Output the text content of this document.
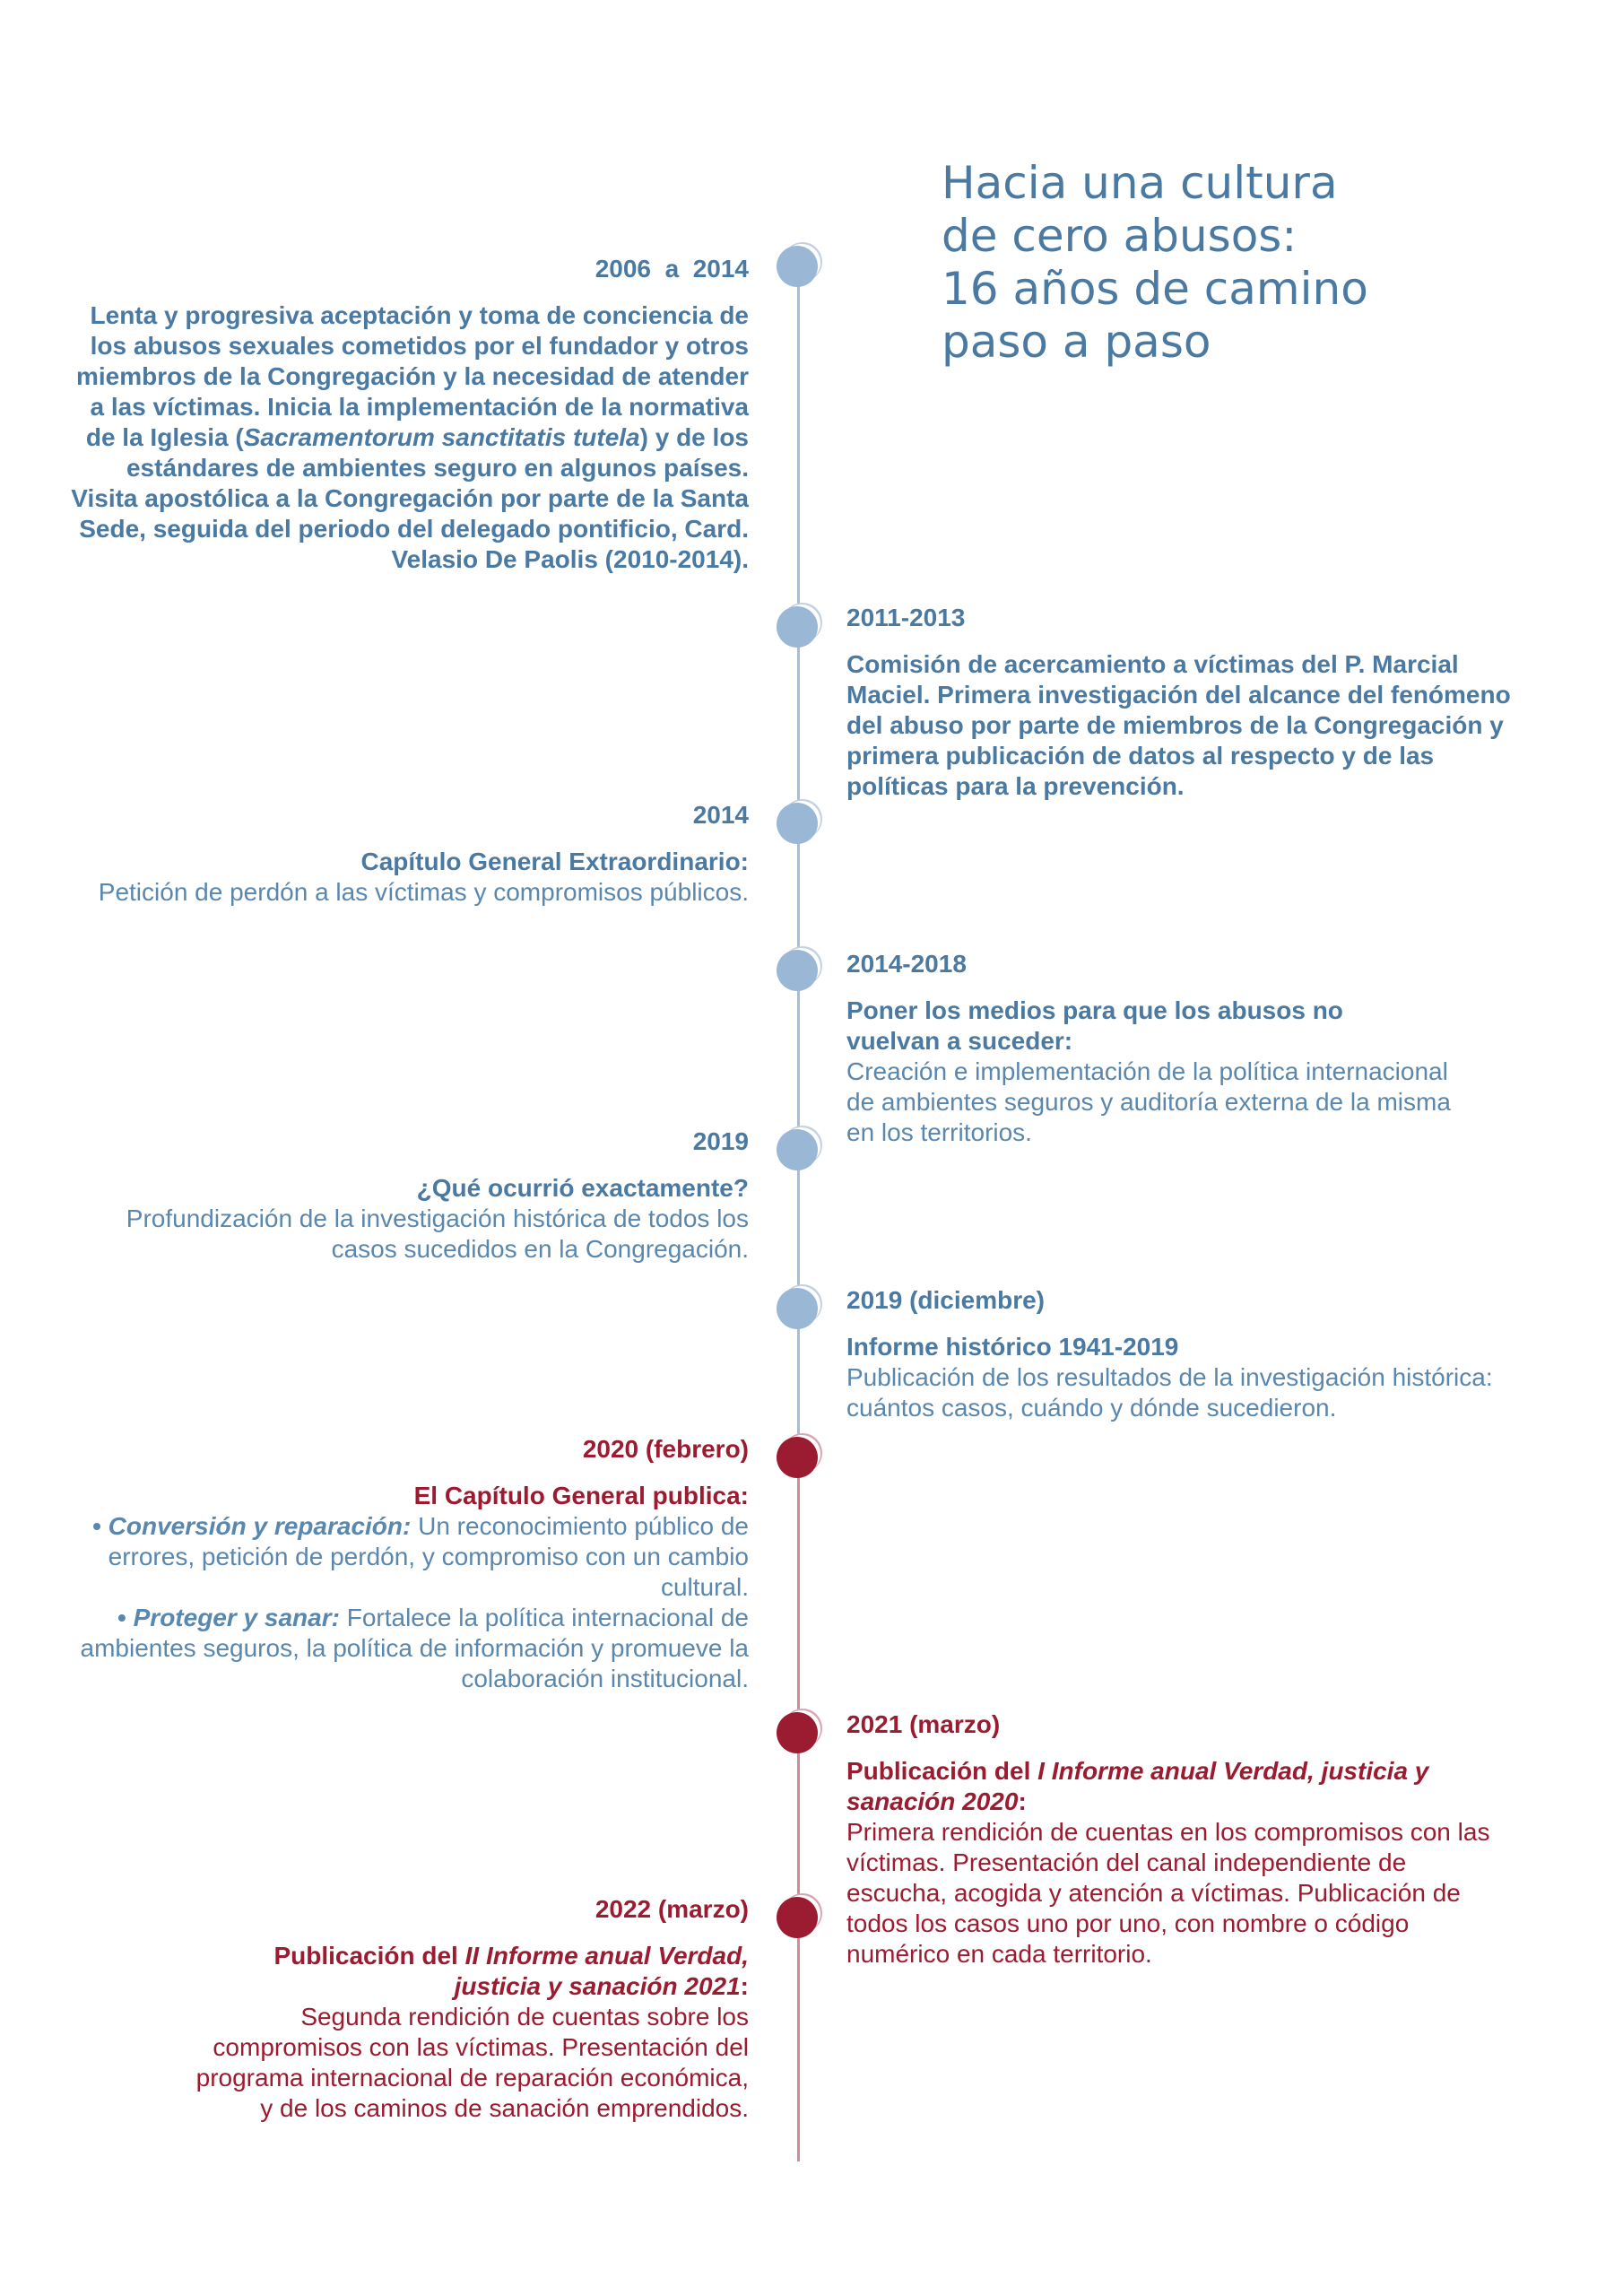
Hacia una cultura
de cero abusos:
16 años de camino
paso a paso
2006  a  2014
Lenta y progresiva aceptación y toma de conciencia de los abusos sexuales cometidos por el fundador y otros miembros de la Congregación y la necesidad de atender a las víctimas. Inicia la implementación de la normativa de la Iglesia (Sacramentorum sanctitatis tutela) y de los estándares de ambientes seguro en algunos países. Visita apostólica a la Congregación por parte de la Santa Sede, seguida del periodo del delegado pontificio, Card. Velasio De Paolis (2010-2014).
2011-2013
Comisión de acercamiento a víctimas del P. Marcial Maciel. Primera investigación del alcance del fenómeno del abuso por parte de miembros de la Congregación y primera publicación de datos al respecto y de las políticas para la prevención.
2014
Capítulo General Extraordinario:
Petición de perdón a las víctimas y compromisos públicos.
2014-2018
Poner los medios para que los abusos no vuelvan a suceder:
Creación e implementación de la política internacional de ambientes seguros y auditoría externa de la misma en los territorios.
2019
¿Qué ocurrió exactamente?
Profundización de la investigación histórica de todos los casos sucedidos en la Congregación.
2019 (diciembre)
Informe histórico 1941-2019
Publicación de los resultados de la investigación histórica: cuántos casos, cuándo y dónde sucedieron.
2020 (febrero)
El Capítulo General publica:
• Conversión y reparación: Un reconocimiento público de errores, petición de perdón, y compromiso con un cambio cultural.
• Proteger y sanar: Fortalece la política internacional de ambientes seguros, la política de información y promueve la colaboración institucional.
2021 (marzo)
Publicación del I Informe anual Verdad, justicia y sanación 2020:
Primera rendición de cuentas en los compromisos con las víctimas. Presentación del canal independiente de escucha, acogida y atención a víctimas. Publicación de todos los casos uno por uno, con nombre o código numérico en cada territorio.
2022 (marzo)
Publicación del II Informe anual Verdad, justicia y sanación 2021:
Segunda rendición de cuentas sobre los compromisos con las víctimas. Presentación del programa internacional de reparación económica, y de los caminos de sanación emprendidos.
